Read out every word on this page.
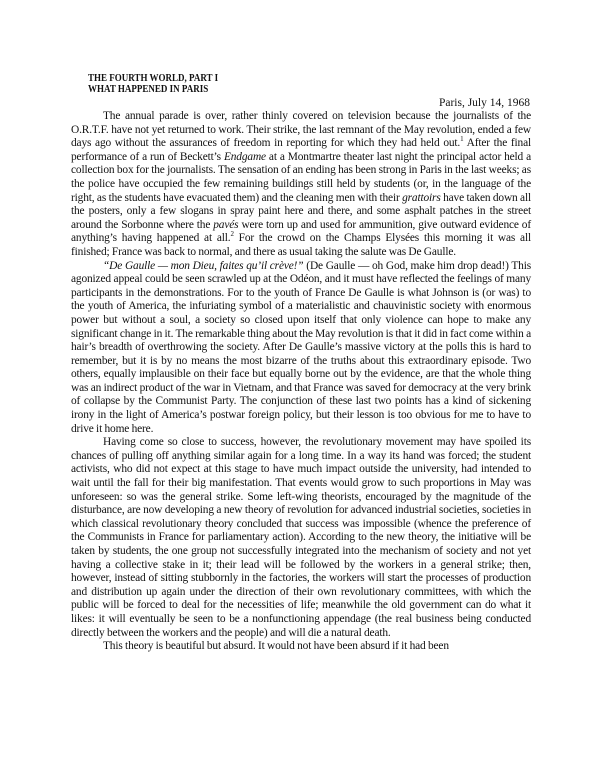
THE FOURTH WORLD, PART I
WHAT HAPPENED IN PARIS
Paris, July 14, 1968

The annual parade is over, rather thinly covered on television because the journalists of the O.R.T.F. have not yet returned to work. Their strike, the last remnant of the May revolution, ended a few days ago without the assurances of freedom in reporting for which they had held out.$^1$ After the final performance of a run of Beckett’s Endgame at a Montmartre theater last night the principal actor held a collection box for the journalists. The sensation of an ending has been strong in Paris in the last weeks; as the police have occupied the few remaining buildings still held by students (or, in the language of the right, as the students have evacuated them) and the cleaning men with their grattoirs have taken down all the posters, only a few slogans in spray paint here and there, and some asphalt patches in the street around the Sorbonne where the pavés were torn up and used for ammunition, give outward evidence of anything’s having happened at all.$^2$ For the crowd on the Champs Elysées this morning it was all finished; France was back to normal, and there as usual taking the salute was De Gaulle.

“De Gaulle — mon Dieu, faites qu’il crève!” (De Gaulle — oh God, make him drop dead!) This agonized appeal could be seen scrawled up at the Odéon, and it must have reflected the feelings of many participants in the demonstrations. For to the youth of France De Gaulle is what Johnson is (or was) to the youth of America, the infuriating symbol of a materialistic and chauvinistic society with enormous power but without a soul, a society so closed upon itself that only violence can hope to make any significant change in it. The remarkable thing about the May revolution is that it did in fact come within a hair’s breadth of overthrowing the society. After De Gaulle’s massive victory at the polls this is hard to remember, but it is by no means the most bizarre of the truths about this extraordinary episode. Two others, equally implausible on their face but equally borne out by the evidence, are that the whole thing was an indirect product of the war in Vietnam, and that France was saved for democracy at the very brink of collapse by the Communist Party. The conjunction of these last two points has a kind of sickening irony in the light of America’s postwar foreign policy, but their lesson is too obvious for me to have to drive it home here.

Having come so close to success, however, the revolutionary movement may have spoiled its chances of pulling off anything similar again for a long time. In a way its hand was forced; the student activists, who did not expect at this stage to have much impact outside the university, had intended to wait until the fall for their big manifestation. That events would grow to such proportions in May was unforeseen: so was the general strike. Some left-wing theorists, encouraged by the magnitude of the disturbance, are now developing a new theory of revolution for advanced industrial societies, societies in which classical revolutionary theory concluded that success was impossible (whence the preference of the Communists in France for parliamentary action). According to the new theory, the initiative will be taken by students, the one group not successfully integrated into the mechanism of society and not yet having a collective stake in it; their lead will be followed by the workers in a general strike; then, however, instead of sitting stubbornly in the factories, the workers will start the processes of production and distribution up again under the direction of their own revolutionary committees, with which the public will be forced to deal for the necessities of life; meanwhile the old government can do what it likes: it will eventually be seen to be a nonfunctioning appendage (the real business being conducted directly between the workers and the people) and will die a natural death.

This theory is beautiful but absurd. It would not have been absurd if it had been
